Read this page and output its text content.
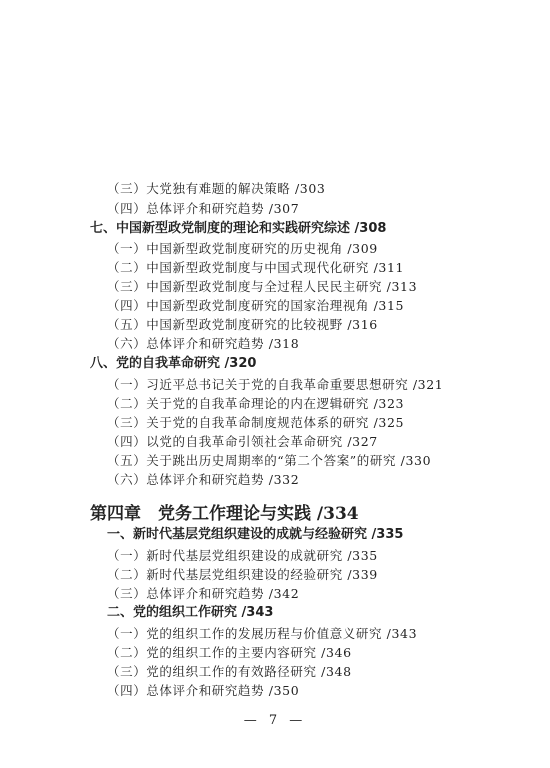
（三）大党独有难题的解决策略 /303
（四）总体评介和研究趋势 /307
七、中国新型政党制度的理论和实践研究综述 /308
（一）中国新型政党制度研究的历史视角 /309
（二）中国新型政党制度与中国式现代化研究 /311
（三）中国新型政党制度与全过程人民民主研究 /313
（四）中国新型政党制度研究的国家治理视角 /315
（五）中国新型政党制度研究的比较视野 /316
（六）总体评介和研究趋势 /318
八、党的自我革命研究 /320
（一）习近平总书记关于党的自我革命重要思想研究 /321
（二）关于党的自我革命理论的内在逻辑研究 /323
（三）关于党的自我革命制度规范体系的研究 /325
（四）以党的自我革命引领社会革命研究 /327
（五）关于跳出历史周期率的“第二个答案”的研究 /330
（六）总体评介和研究趋势 /332
第四章　党务工作理论与实践 /334
一、新时代基层党组织建设的成就与经验研究 /335
（一）新时代基层党组织建设的成就研究 /335
（二）新时代基层党组织建设的经验研究 /339
（三）总体评介和研究趋势 /342
二、党的组织工作研究 /343
（一）党的组织工作的发展历程与价值意义研究 /343
（二）党的组织工作的主要内容研究 /346
（三）党的组织工作的有效路径研究 /348
（四）总体评介和研究趋势 /350
— 7 —
